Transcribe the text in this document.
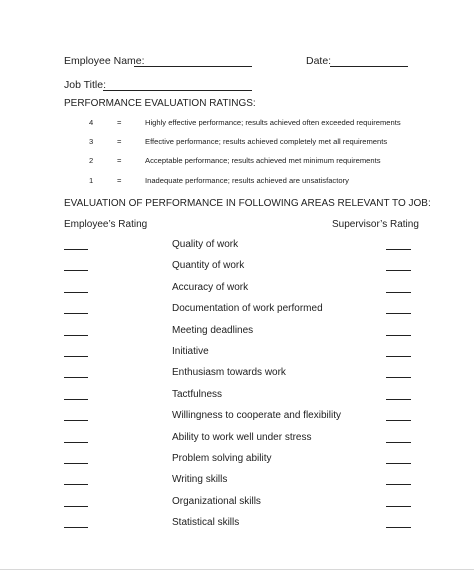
Employee Name:	Date:
Job Title:
PERFORMANCE EVALUATION RATINGS:
4	=	Highly effective performance; results achieved often exceeded requirements
3	=	Effective performance; results achieved completely met all requirements
2	=	Acceptable performance; results achieved met minimum requirements
1	=	Inadequate performance; results achieved are unsatisfactory
EVALUATION OF PERFORMANCE IN FOLLOWING AREAS RELEVANT TO JOB:
Employee’s Rating	Supervisor’s Rating
Quality of work
Quantity of work
Accuracy of work
Documentation of work performed
Meeting deadlines
Initiative
Enthusiasm towards work
Tactfulness
Willingness to cooperate and flexibility
Ability to work well under stress
Problem solving ability
Writing skills
Organizational skills
Statistical skills
